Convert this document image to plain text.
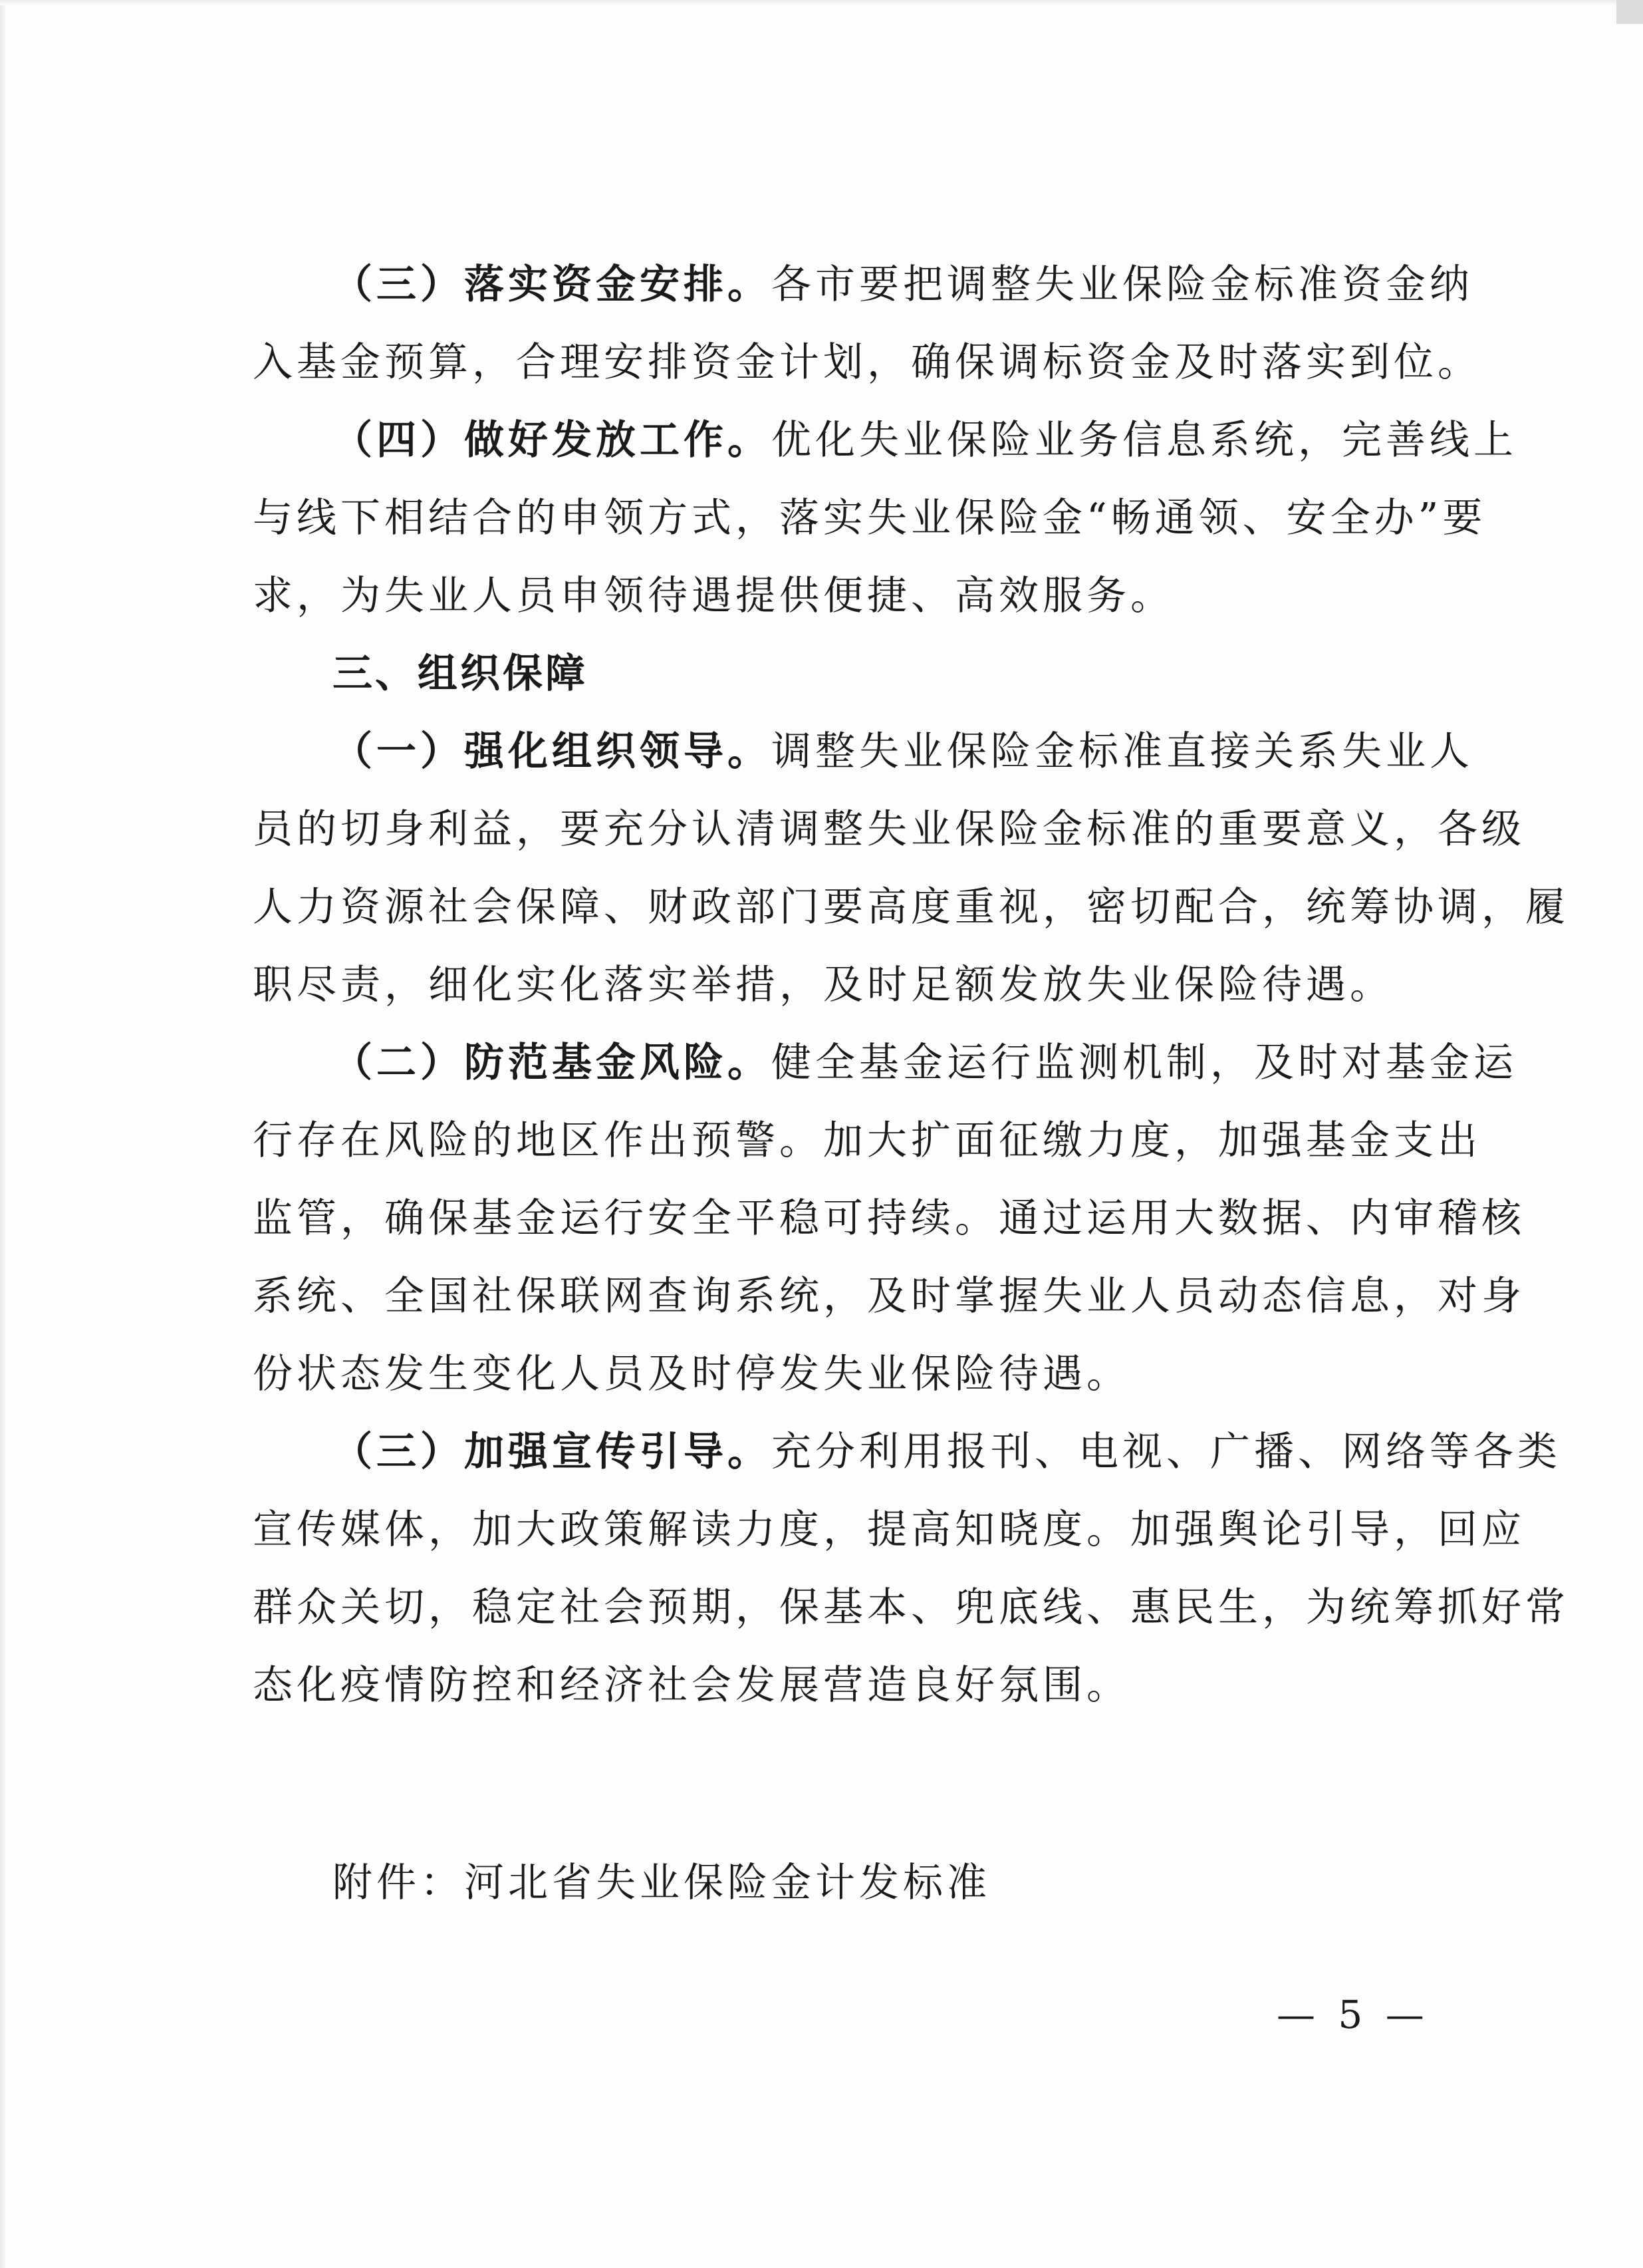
（三）落实资金安排。各市要把调整失业保险金标准资金纳
入基金预算，合理安排资金计划，确保调标资金及时落实到位。
（四）做好发放工作。优化失业保险业务信息系统，完善线上
与线下相结合的申领方式，落实失业保险金“畅通领、安全办”要
求，为失业人员申领待遇提供便捷、高效服务。
三、组织保障
（一）强化组织领导。调整失业保险金标准直接关系失业人
员的切身利益，要充分认清调整失业保险金标准的重要意义，各级
人力资源社会保障、财政部门要高度重视，密切配合，统筹协调，履
职尽责，细化实化落实举措，及时足额发放失业保险待遇。
（二）防范基金风险。健全基金运行监测机制，及时对基金运
行存在风险的地区作出预警。加大扩面征缴力度，加强基金支出
监管，确保基金运行安全平稳可持续。通过运用大数据、内审稽核
系统、全国社保联网查询系统，及时掌握失业人员动态信息，对身
份状态发生变化人员及时停发失业保险待遇。
（三）加强宣传引导。充分利用报刊、电视、广播、网络等各类
宣传媒体，加大政策解读力度，提高知晓度。加强舆论引导，回应
群众关切，稳定社会预期，保基本、兜底线、惠民生，为统筹抓好常
态化疫情防控和经济社会发展营造良好氛围。
附件：河北省失业保险金计发标准
— 5 —
